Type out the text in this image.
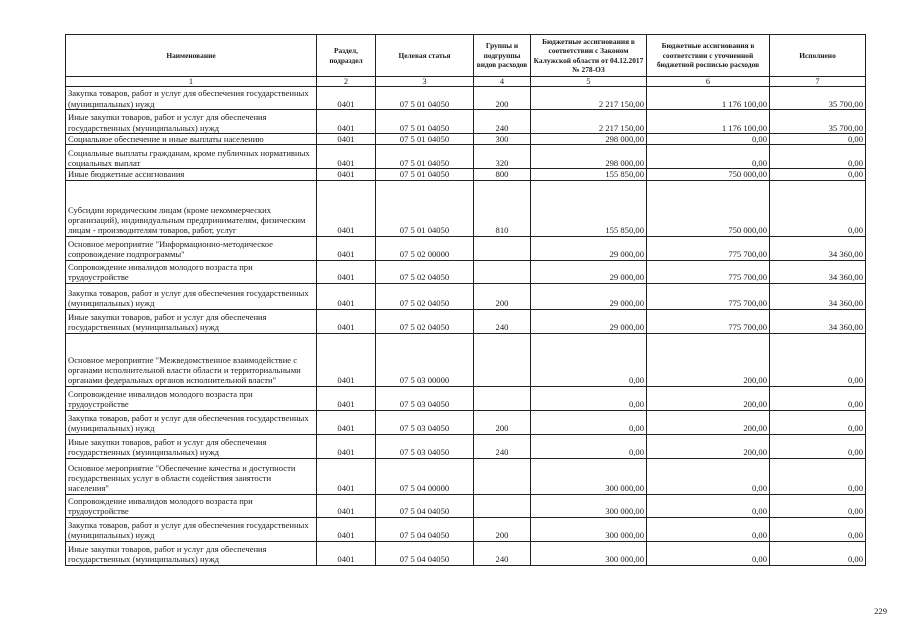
Наименование	Раздел, подраздел	Целевая статья	Группы и подгруппы видов расходов	Бюджетные ассигнования в соответствии с Законом Калужской области от 04.12.2017 № 278-ОЗ	Бюджетные ассигнования в соответствии с уточненной бюджетной росписью расходов	Исполнено
1	2	3	4	5	6	7
Закупка товаров, работ и услуг для обеспечения государственных (муниципальных) нужд	0401	07 5 01 04050	200	2 217 150,00	1 176 100,00	35 700,00
Иные закупки товаров, работ и услуг для обеспечения государственных (муниципальных) нужд	0401	07 5 01 04050	240	2 217 150,00	1 176 100,00	35 700,00
Социальное обеспечение и иные выплаты населению	0401	07 5 01 04050	300	298 000,00	0,00	0,00
Социальные выплаты гражданам, кроме публичных нормативных социальных выплат	0401	07 5 01 04050	320	298 000,00	0,00	0,00
Иные бюджетные ассигнования	0401	07 5 01 04050	800	155 850,00	750 000,00	0,00
Субсидии юридическим лицам (кроме некоммерческих организаций), индивидуальным предпринимателям, физическим лицам - производителям товаров, работ, услуг	0401	07 5 01 04050	810	155 850,00	750 000,00	0,00
Основное мероприятие "Информационно-методическое сопровождение подпрограммы"	0401	07 5 02 00000		29 000,00	775 700,00	34 360,00
Сопровождение инвалидов молодого возраста при трудоустройстве	0401	07 5 02 04050		29 000,00	775 700,00	34 360,00
Закупка товаров, работ и услуг для обеспечения государственных (муниципальных) нужд	0401	07 5 02 04050	200	29 000,00	775 700,00	34 360,00
Иные закупки товаров, работ и услуг для обеспечения государственных (муниципальных) нужд	0401	07 5 02 04050	240	29 000,00	775 700,00	34 360,00
Основное мероприятие "Межведомственное взаимодействие с органами исполнительной власти области и территориальными органами федеральных органов исполнительной власти"	0401	07 5 03 00000		0,00	200,00	0,00
Сопровождение инвалидов молодого возраста при трудоустройстве	0401	07 5 03 04050		0,00	200,00	0,00
Закупка товаров, работ и услуг для обеспечения государственных (муниципальных) нужд	0401	07 5 03 04050	200	0,00	200,00	0,00
Иные закупки товаров, работ и услуг для обеспечения государственных (муниципальных) нужд	0401	07 5 03 04050	240	0,00	200,00	0,00
Основное мероприятие "Обеспечение качества и доступности государственных услуг в области содействия занятости населения"	0401	07 5 04 00000		300 000,00	0,00	0,00
Сопровождение инвалидов молодого возраста при трудоустройстве	0401	07 5 04 04050		300 000,00	0,00	0,00
Закупка товаров, работ и услуг для обеспечения государственных (муниципальных) нужд	0401	07 5 04 04050	200	300 000,00	0,00	0,00
Иные закупки товаров, работ и услуг для обеспечения государственных (муниципальных) нужд	0401	07 5 04 04050	240	300 000,00	0,00	0,00
229
